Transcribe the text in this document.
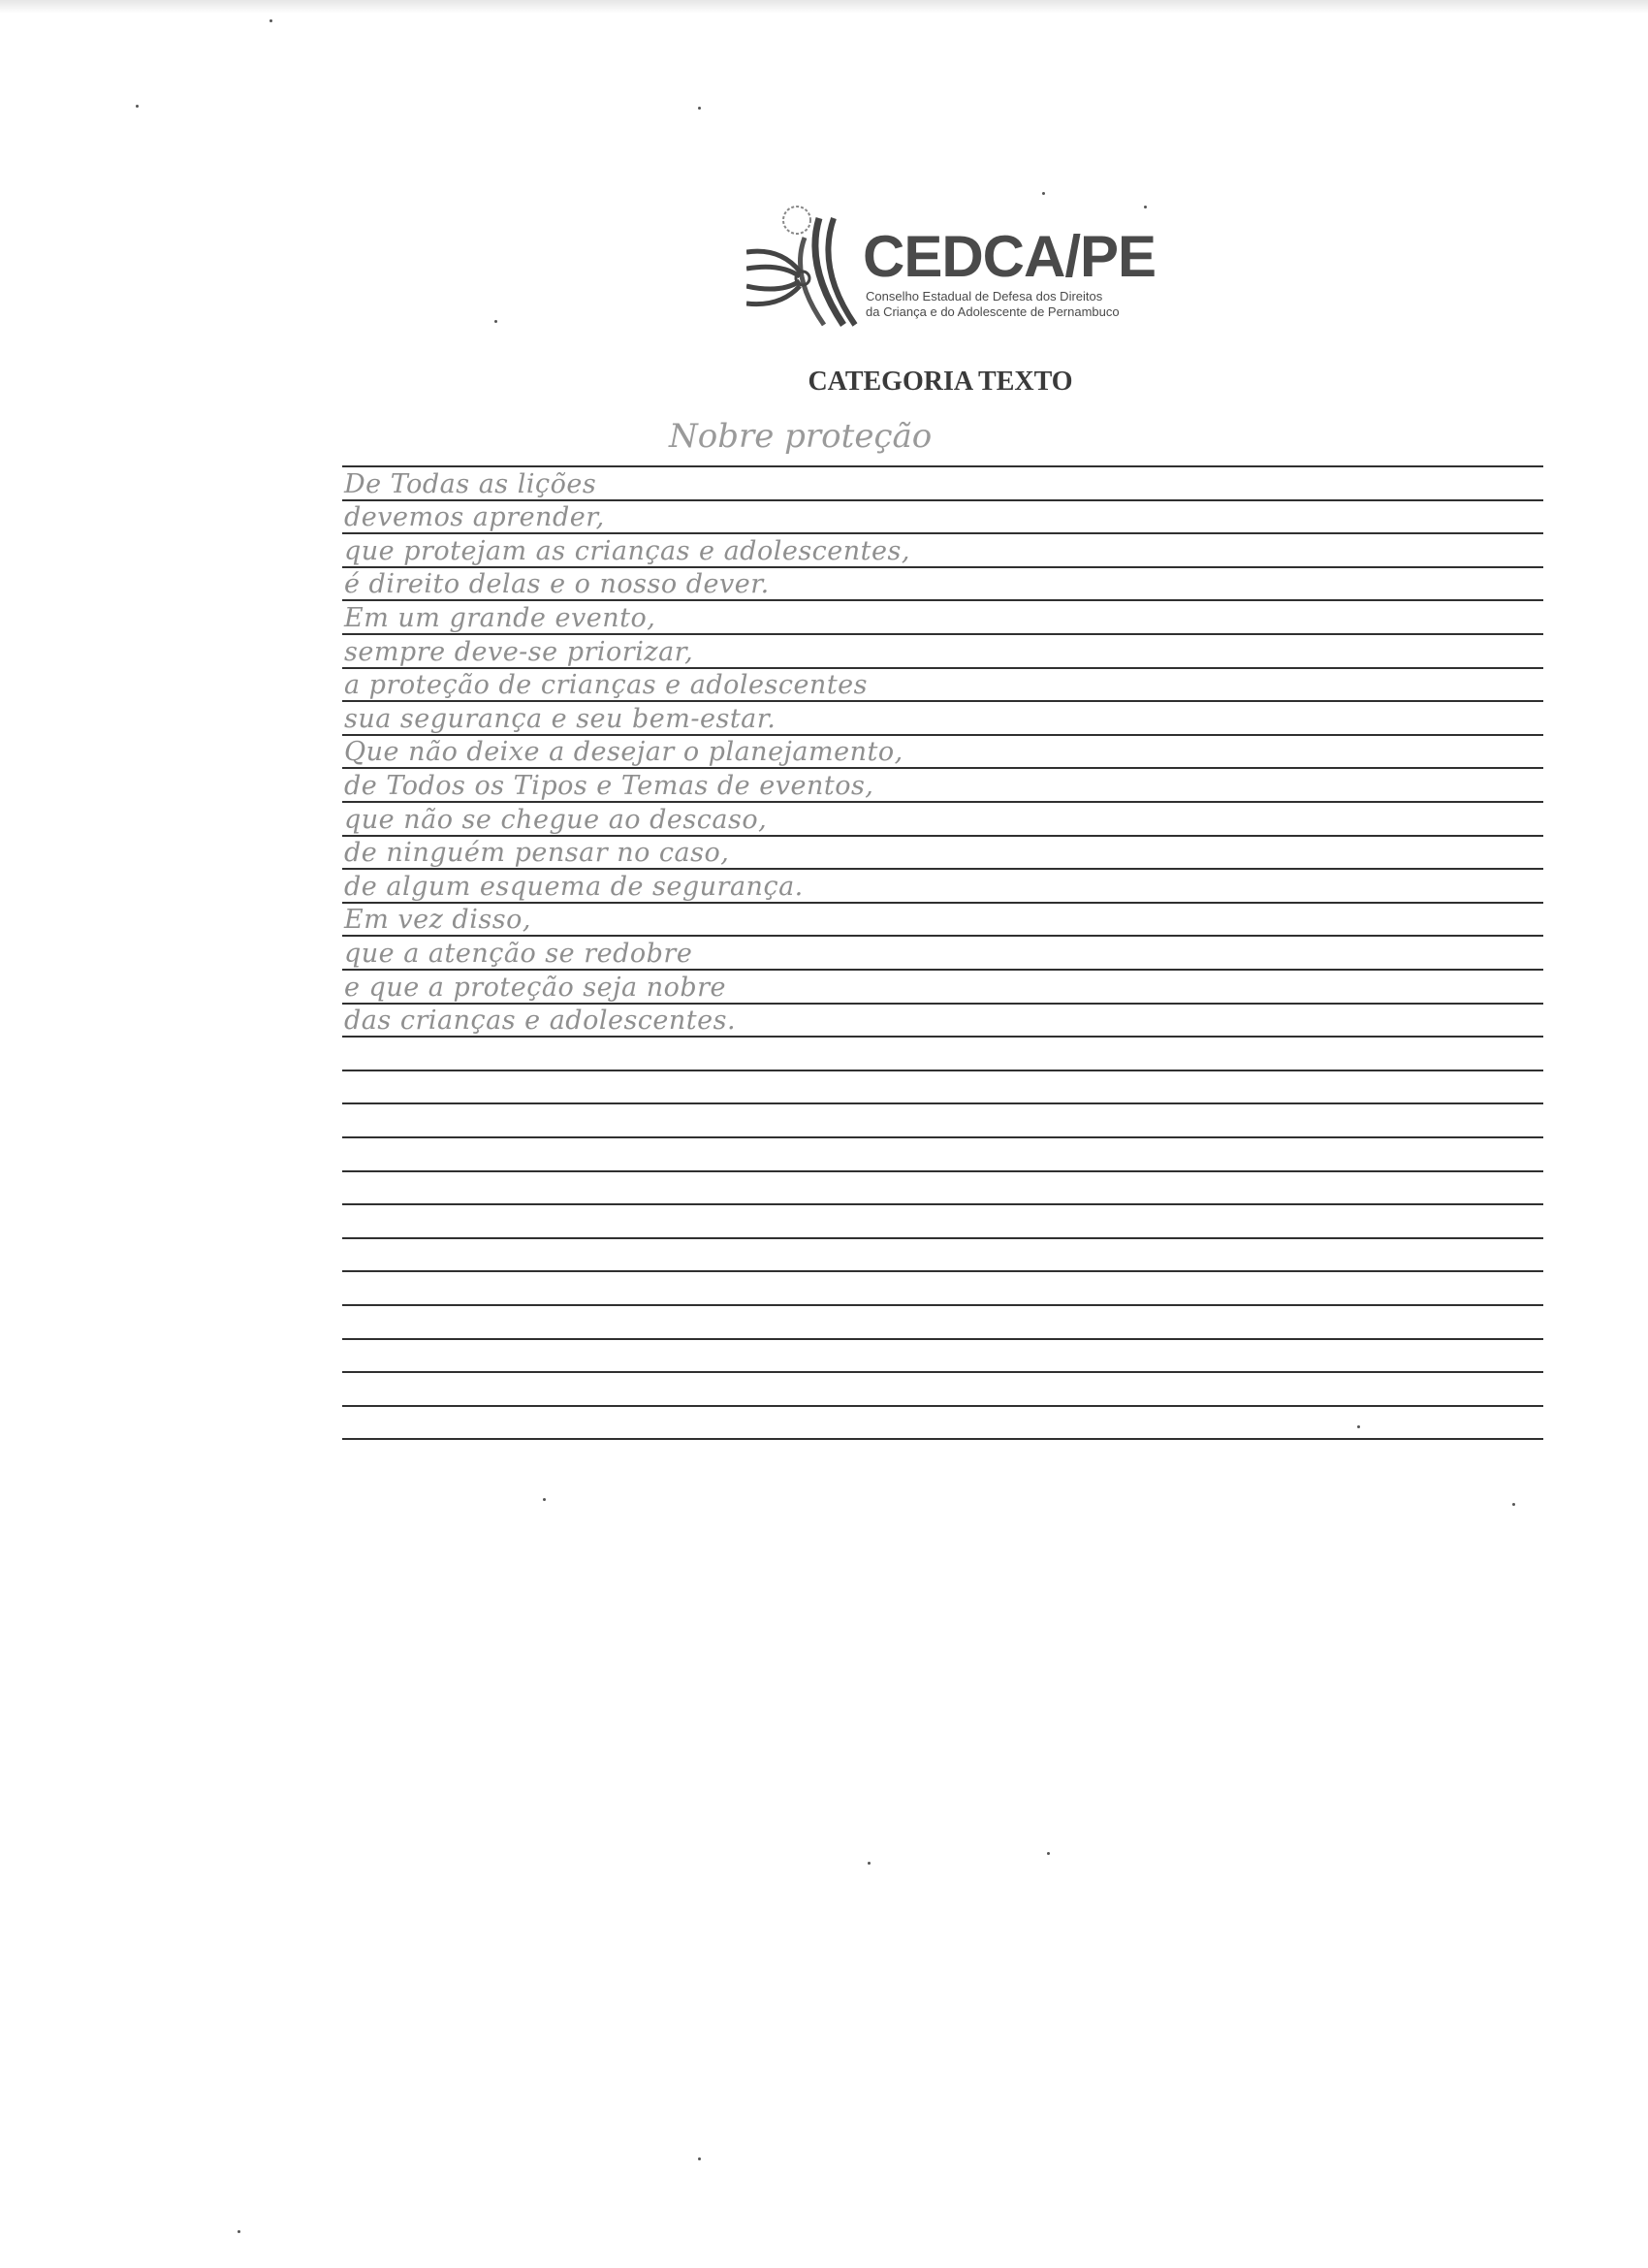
CEDCA/PE
Conselho Estadual de Defesa dos Direitos
da Criança e do Adolescente de Pernambuco
CATEGORIA TEXTO
Nobre proteção
De Todas as lições
devemos aprender,
que protejam as crianças e adolescentes,
é direito delas e o nosso dever.
Em um grande evento,
sempre deve-se priorizar,
a proteção de crianças e adolescentes
sua segurança e seu bem-estar.
Que não deixe a desejar o planejamento,
de Todos os Tipos e Temas de eventos,
que não se chegue ao descaso,
de ninguém pensar no caso,
de algum esquema de segurança.
Em vez disso,
que a atenção se redobre
e que a proteção seja nobre
das crianças e adolescentes.
